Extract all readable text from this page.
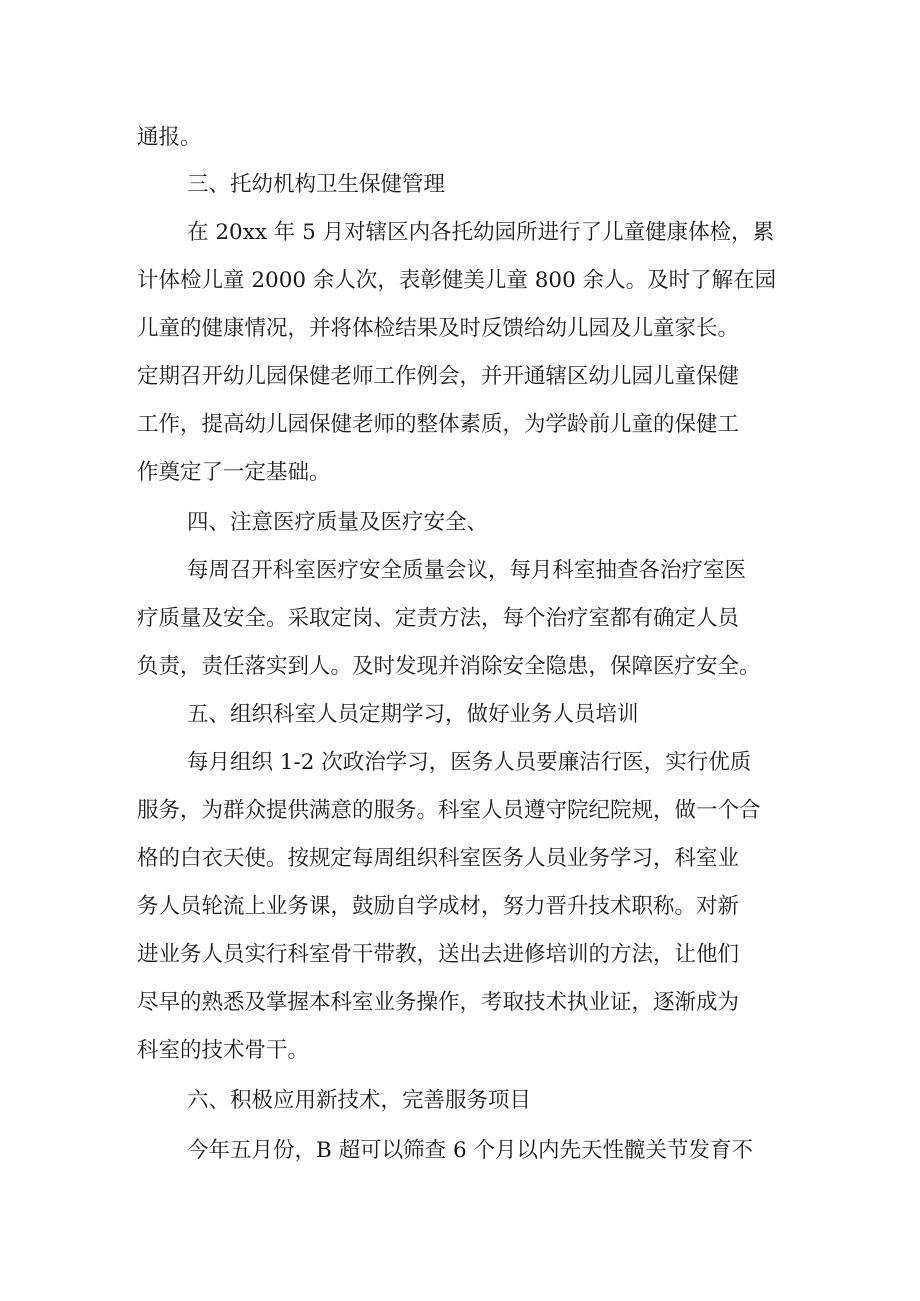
通报。

三、托幼机构卫生保健管理

在 20xx 年 5 月对辖区内各托幼园所进行了儿童健康体检，累

计体检儿童 2000 余人次，表彰健美儿童 800 余人。及时了解在园

儿童的健康情况，并将体检结果及时反馈给幼儿园及儿童家长。

定期召开幼儿园保健老师工作例会，并开通辖区幼儿园儿童保健

工作，提高幼儿园保健老师的整体素质，为学龄前儿童的保健工

作奠定了一定基础。

四、注意医疗质量及医疗安全、

每周召开科室医疗安全质量会议，每月科室抽查各治疗室医

疗质量及安全。采取定岗、定责方法，每个治疗室都有确定人员

负责，责任落实到人。及时发现并消除安全隐患，保障医疗安全。

五、组织科室人员定期学习，做好业务人员培训

每月组织 1-2 次政治学习，医务人员要廉洁行医，实行优质

服务，为群众提供满意的服务。科室人员遵守院纪院规，做一个合

格的白衣天使。按规定每周组织科室医务人员业务学习，科室业

务人员轮流上业务课，鼓励自学成材，努力晋升技术职称。对新

进业务人员实行科室骨干带教，送出去进修培训的方法，让他们

尽早的熟悉及掌握本科室业务操作，考取技术执业证，逐渐成为

科室的技术骨干。

六、积极应用新技术，完善服务项目

今年五月份，B 超可以筛查 6 个月以内先天性髋关节发育不
